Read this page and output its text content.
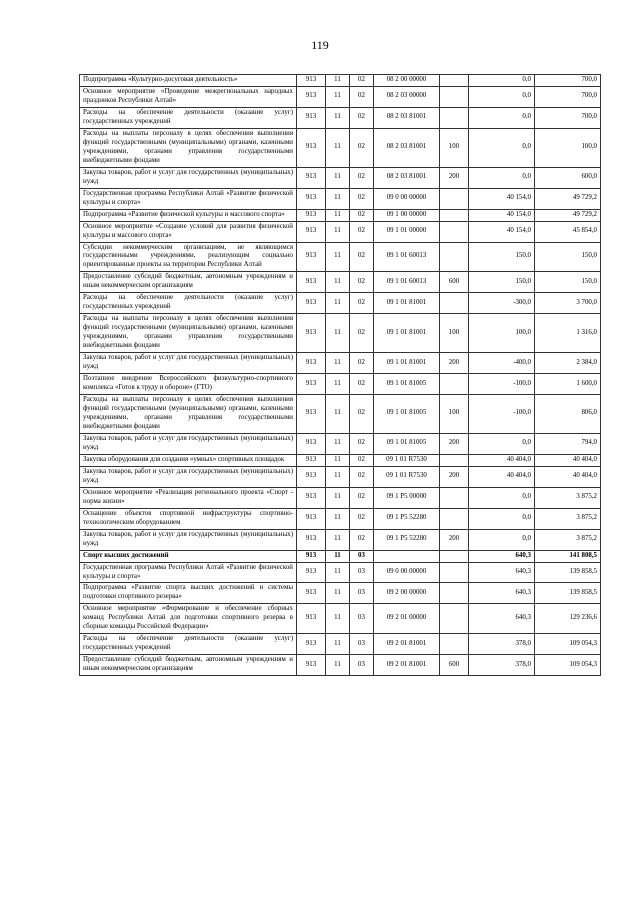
119
Подпрограмма «Культурно-досуговая деятельность»	913	11	02	08 2 00 00000		0,0	700,0
Основное мероприятие «Проведение межрегиональных народных праздников Республики Алтай»	913	11	02	08 2 03 00000		0,0	700,0
Расходы на обеспечение деятельности (оказание услуг) государственных учреждений	913	11	02	08 2 03 81001		0,0	700,0
Расходы на выплаты персоналу в целях обеспечения выполнения функций государственными (муниципальными) органами, казенными учреждениями, органами управления государственными внебюджетными фондами	913	11	02	08 2 03 81001	100	0,0	100,0
Закупка товаров, работ и услуг для государственных (муниципальных) нужд	913	11	02	08 2 03 81001	200	0,0	600,0
Государственная программа Республики Алтай «Развитие физической культуры и спорта»	913	11	02	09 0 00 00000		40 154,0	49 729,2
Подпрограмма «Развитие физической культуры и массового спорта»	913	11	02	09 1 00 00000		40 154,0	49 729,2
Основное мероприятие «Создание условий для развития физической культуры и массового спорта»	913	11	02	09 1 01 00000		40 154,0	45 854,0
Субсидии некоммерческим организациям, не являющимся государственными учреждениями, реализующим социально ориентированные проекты на территории Республики Алтай	913	11	02	09 1 01 60013		150,0	150,0
Предоставление субсидий бюджетным, автономным учреждениям и иным некоммерческим организациям	913	11	02	09 1 01 60013	600	150,0	150,0
Расходы на обеспечение деятельности (оказание услуг) государственных учреждений	913	11	02	09 1 01 81001		-300,0	3 700,0
Расходы на выплаты персоналу в целях обеспечения выполнения функций государственными (муниципальными) органами, казенными учреждениями, органами управления государственными внебюджетными фондами	913	11	02	09 1 01 81001	100	100,0	1 316,0
Закупка товаров, работ и услуг для государственных (муниципальных) нужд	913	11	02	09 1 01 81001	200	-400,0	2 384,0
Поэтапное внедрение Всероссийского физкультурно-спортивного комплекса «Готов к труду и обороне» (ГТО)	913	11	02	09 1 01 81005		-100,0	1 600,0
Расходы на выплаты персоналу в целях обеспечения выполнения функций государственными (муниципальными) органами, казенными учреждениями, органами управления государственными внебюджетными фондами	913	11	02	09 1 01 81005	100	-100,0	806,0
Закупка товаров, работ и услуг для государственных (муниципальных) нужд	913	11	02	09 1 01 81005	200	0,0	794,0
Закупка оборудования для создания «умных» спортивных площадок	913	11	02	09 1 01 R7530		40 404,0	40 404,0
Закупка товаров, работ и услуг для государственных (муниципальных) нужд	913	11	02	09 1 01 R7530	200	40 404,0	40 404,0
Основное мероприятие «Реализация регионального проекта «Спорт - норма жизни»	913	11	02	09 1 P5 00000		0,0	3 875,2
Оснащение объектов спортивной инфраструктуры спортивно-технологическим оборудованием	913	11	02	09 1 P5 52280		0,0	3 875,2
Закупка товаров, работ и услуг для государственных (муниципальных) нужд	913	11	02	09 1 P5 52280	200	0,0	3 875,2
Спорт высших достижений	913	11	03			640,3	141 808,5
Государственная программа Республики Алтай «Развитие физической культуры и спорта»	913	11	03	09 0 00 00000		640,3	139 858,5
Подпрограмма «Развитие спорта высших достижений и системы подготовки спортивного резерва»	913	11	03	09 2 00 00000		640,3	139 858,5
Основное мероприятие «Формирование и обеспечение сборных команд Республики Алтай для подготовки спортивного резерва в сборные команды Российской Федерации»	913	11	03	09 2 01 00000		640,3	129 236,6
Расходы на обеспечение деятельности (оказание услуг) государственных учреждений	913	11	03	09 2 01 81001		378,0	109 054,3
Предоставление субсидий бюджетным, автономным учреждениям и иным некоммерческим организациям	913	11	03	09 2 01 81001	600	378,0	109 054,3
